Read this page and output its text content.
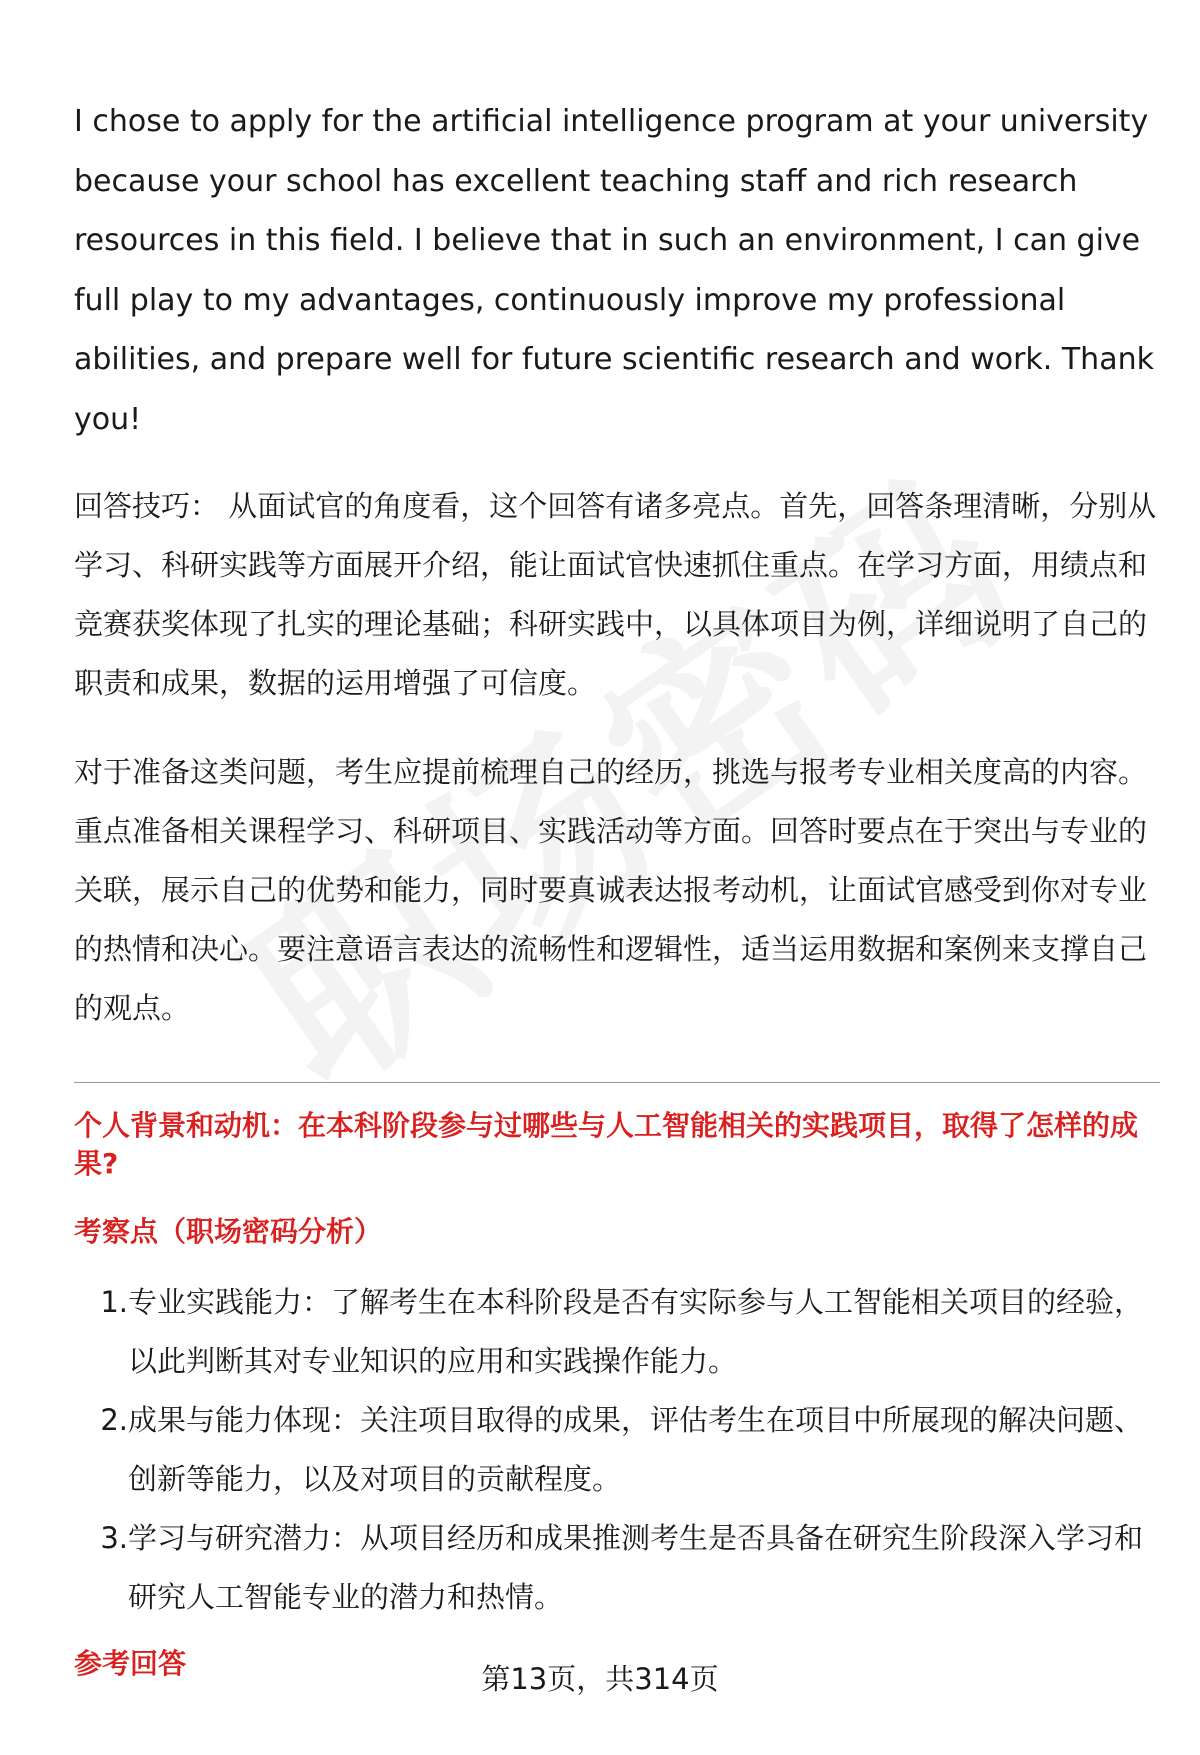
I chose to apply for the artificial intelligence program at your university because your school has excellent teaching staff and rich research resources in this field. I believe that in such an environment, I can give full play to my advantages, continuously improve my professional abilities, and prepare well for future scientific research and work. Thank you!

回答技巧： 从面试官的角度看，这个回答有诸多亮点。首先，回答条理清晰，分别从学习、科研实践等方面展开介绍，能让面试官快速抓住重点。在学习方面，用绩点和竞赛获奖体现了扎实的理论基础；科研实践中，以具体项目为例，详细说明了自己的职责和成果，数据的运用增强了可信度。

对于准备这类问题，考生应提前梳理自己的经历，挑选与报考专业相关度高的内容。重点准备相关课程学习、科研项目、实践活动等方面。回答时要点在于突出与专业的关联，展示自己的优势和能力，同时要真诚表达报考动机，让面试官感受到你对专业的热情和决心。要注意语言表达的流畅性和逻辑性，适当运用数据和案例来支撑自己的观点。

个人背景和动机：在本科阶段参与过哪些与人工智能相关的实践项目，取得了怎样的成果?

考察点（职场密码分析）

1. 专业实践能力：了解考生在本科阶段是否有实际参与人工智能相关项目的经验，以此判断其对专业知识的应用和实践操作能力。
2. 成果与能力体现：关注项目取得的成果，评估考生在项目中所展现的解决问题、创新等能力，以及对项目的贡献程度。
3. 学习与研究潜力：从项目经历和成果推测考生是否具备在研究生阶段深入学习和研究人工智能专业的潜力和热情。

参考回答	第13页，共314页
